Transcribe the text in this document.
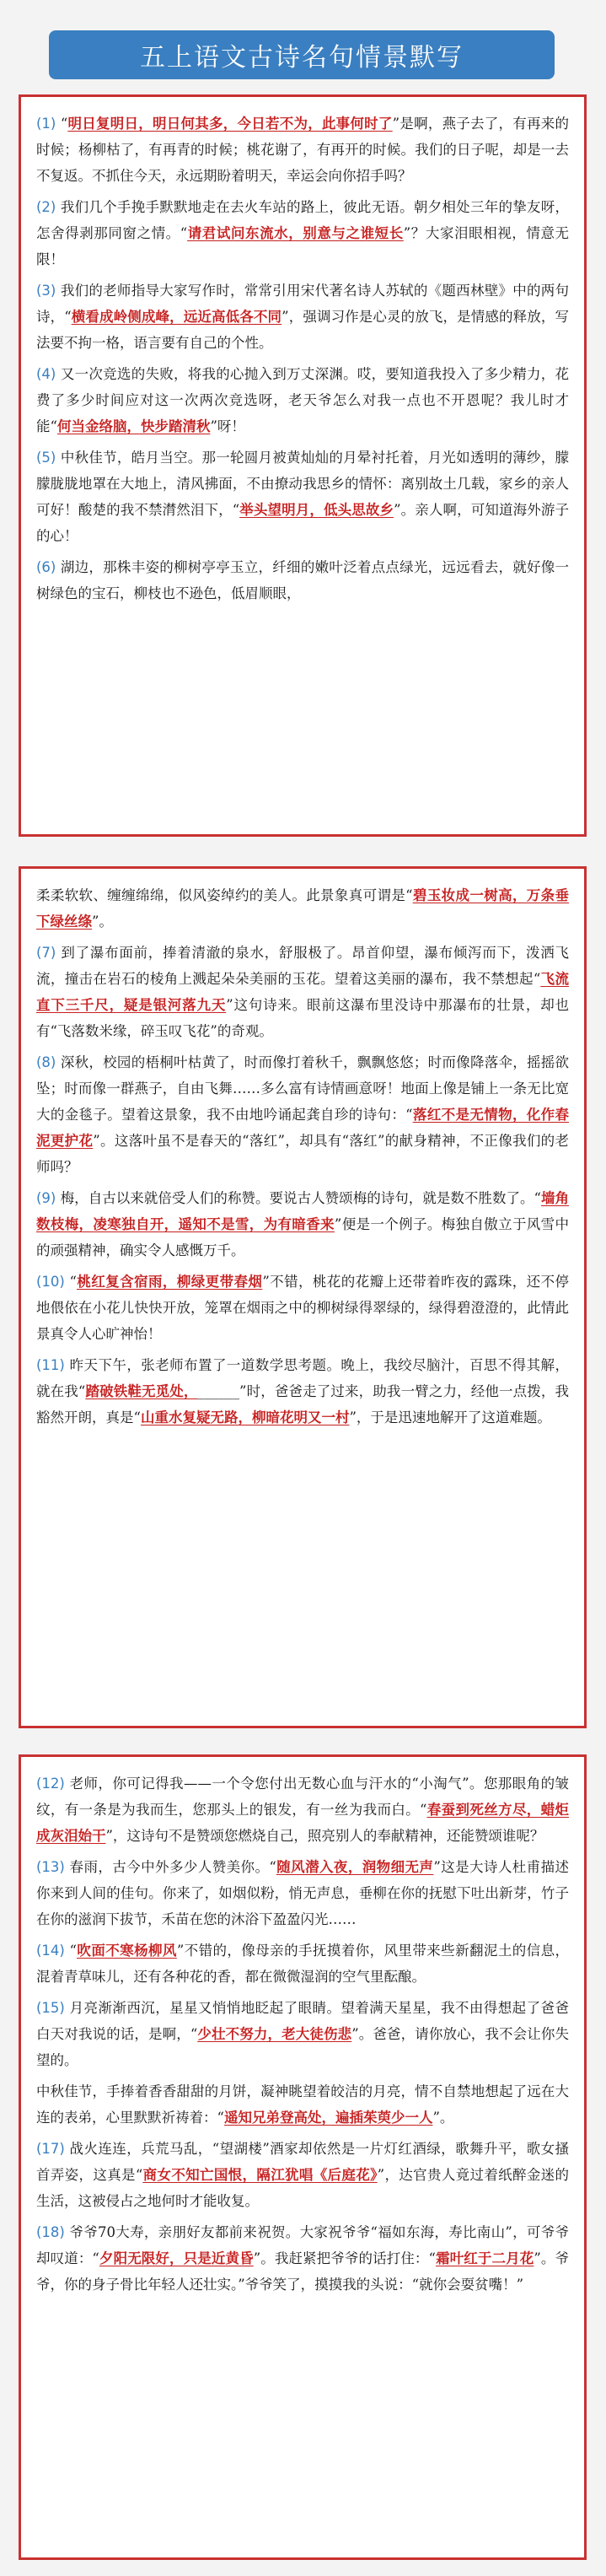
五上语文古诗名句情景默写

(1) “明日复明日，明日何其多，今日若不为，此事何时了”是啊，燕子去了，有再来的时候；杨柳枯了，有再青的时候；桃花谢了，有再开的时候。我们的日子呢，却是一去不复返。不抓住今天，永远期盼着明天，幸运会向你招手吗？

(2) 我们几个手挽手默默地走在去火车站的路上，彼此无语。朝夕相处三年的挚友呀，怎舍得剥那同窗之情。“请君试问东流水，别意与之谁短长”？大家泪眼相视，情意无限！

(3) 我们的老师指导大家写作时，常常引用宋代著名诗人苏轼的《题西林壁》中的两句诗，“横看成岭侧成峰，远近高低各不同”，强调习作是心灵的放飞，是情感的释放，写法要不拘一格，语言要有自己的个性。

(4) 又一次竞选的失败，将我的心抛入到万丈深渊。哎，要知道我投入了多少精力，花费了多少时间应对这一次两次竞选呀，老天爷怎么对我一点也不开恩呢？我儿时才能“何当金络脑，快步踏清秋”呀！

(5) 中秋佳节，皓月当空。那一轮圆月被黄灿灿的月晕衬托着，月光如透明的薄纱，朦朦胧胧地罩在大地上，清风拂面，不由撩动我思乡的情怀：离别故土几载，家乡的亲人可好！酸楚的我不禁潸然泪下，“举头望明月，低头思故乡”。亲人啊，可知道海外游子的心！

(6) 湖边，那株丰姿的柳树亭亭玉立，纤细的嫩叶泛着点点绿光，远远看去，就好像一树绿色的宝石，柳枝也不逊色，低眉顺眼，

柔柔软软、缠缠绵绵，似风姿绰约的美人。此景象真可谓是“碧玉妆成一树高，万条垂下绿丝绦”。

(7) 到了瀑布面前，捧着清澈的泉水，舒服极了。昂首仰望，瀑布倾泻而下，泼洒飞流，撞击在岩石的棱角上溅起朵朵美丽的玉花。望着这美丽的瀑布，我不禁想起“飞流直下三千尺，疑是银河落九天”这句诗来。眼前这瀑布里没诗中那瀑布的壮景，却也有“飞落数米缘，碎玉叹飞花”的奇观。

(8) 深秋，校园的梧桐叶枯黄了，时而像打着秋千，飘飘悠悠；时而像降落伞，摇摇欲坠；时而像一群燕子，自由飞舞……多么富有诗情画意呀！地面上像是铺上一条无比宽大的金毯子。望着这景象，我不由地吟诵起龚自珍的诗句：“落红不是无情物，化作春泥更护花”。这落叶虽不是春天的“落红”，却具有“落红”的献身精神，不正像我们的老师吗？

(9) 梅，自古以来就倍受人们的称赞。要说古人赞颂梅的诗句，就是数不胜数了。“墙角数枝梅，凌寒独自开，遥知不是雪，为有暗香来”便是一个例子。梅独自傲立于风雪中的顽强精神，确实令人感慨万千。

(10) “桃红复含宿雨，柳绿更带春烟”不错，桃花的花瓣上还带着昨夜的露珠，还不停地偎依在小花儿快快开放，笼罩在烟雨之中的柳树绿得翠绿的，绿得碧澄澄的，此情此景真令人心旷神怡！

(11) 昨天下午，张老师布置了一道数学思考题。晚上，我绞尽脑汁，百思不得其解，就在我“踏破铁鞋无觅处，______”时，爸爸走了过来，助我一臂之力，经他一点拨，我豁然开朗，真是“山重水复疑无路，柳暗花明又一村”，于是迅速地解开了这道难题。

(12) 老师，你可记得我——一个令您付出无数心血与汗水的“小淘气”。您那眼角的皱纹，有一条是为我而生，您那头上的银发，有一丝为我而白。“春蚕到死丝方尽，蜡炬成灰泪始干”，这诗句不是赞颂您燃烧自己，照亮别人的奉献精神，还能赞颂谁呢？

(13) 春雨，古今中外多少人赞美你。“随风潜入夜，润物细无声”这是大诗人杜甫描述你来到人间的佳句。你来了，如烟似粉，悄无声息，垂柳在你的抚慰下吐出新芽，竹子在你的滋润下拔节，禾苗在您的沐浴下盈盈闪光……

(14) “吹面不寒杨柳风”不错的，像母亲的手抚摸着你，风里带来些新翻泥土的信息，混着青草味儿，还有各种花的香，都在微微湿润的空气里酝酿。

(15) 月亮渐渐西沉，星星又悄悄地眨起了眼睛。望着满天星星，我不由得想起了爸爸白天对我说的话，是啊，“少壮不努力，老大徒伤悲”。爸爸，请你放心，我不会让你失望的。

中秋佳节，手捧着香香甜甜的月饼，凝神眺望着皎洁的月亮，情不自禁地想起了远在大连的表弟，心里默默祈祷着：“遥知兄弟登高处，遍插茱萸少一人”。

(17) 战火连连，兵荒马乱，“望湖楼”酒家却依然是一片灯红酒绿，歌舞升平，歌女搔首弄姿，这真是“商女不知亡国恨，隔江犹唱《后庭花》”，达官贵人竟过着纸醉金迷的生活，这被侵占之地何时才能收复。

(18) 爷爷70大寿，亲朋好友都前来祝贺。大家祝爷爷“福如东海，寿比南山”，可爷爷却叹道：“夕阳无限好，只是近黄昏”。我赶紧把爷爷的话打住：“霜叶红于二月花”。爷爷，你的身子骨比年轻人还壮实。”爷爷笑了，摸摸我的头说：“就你会耍贫嘴！”
